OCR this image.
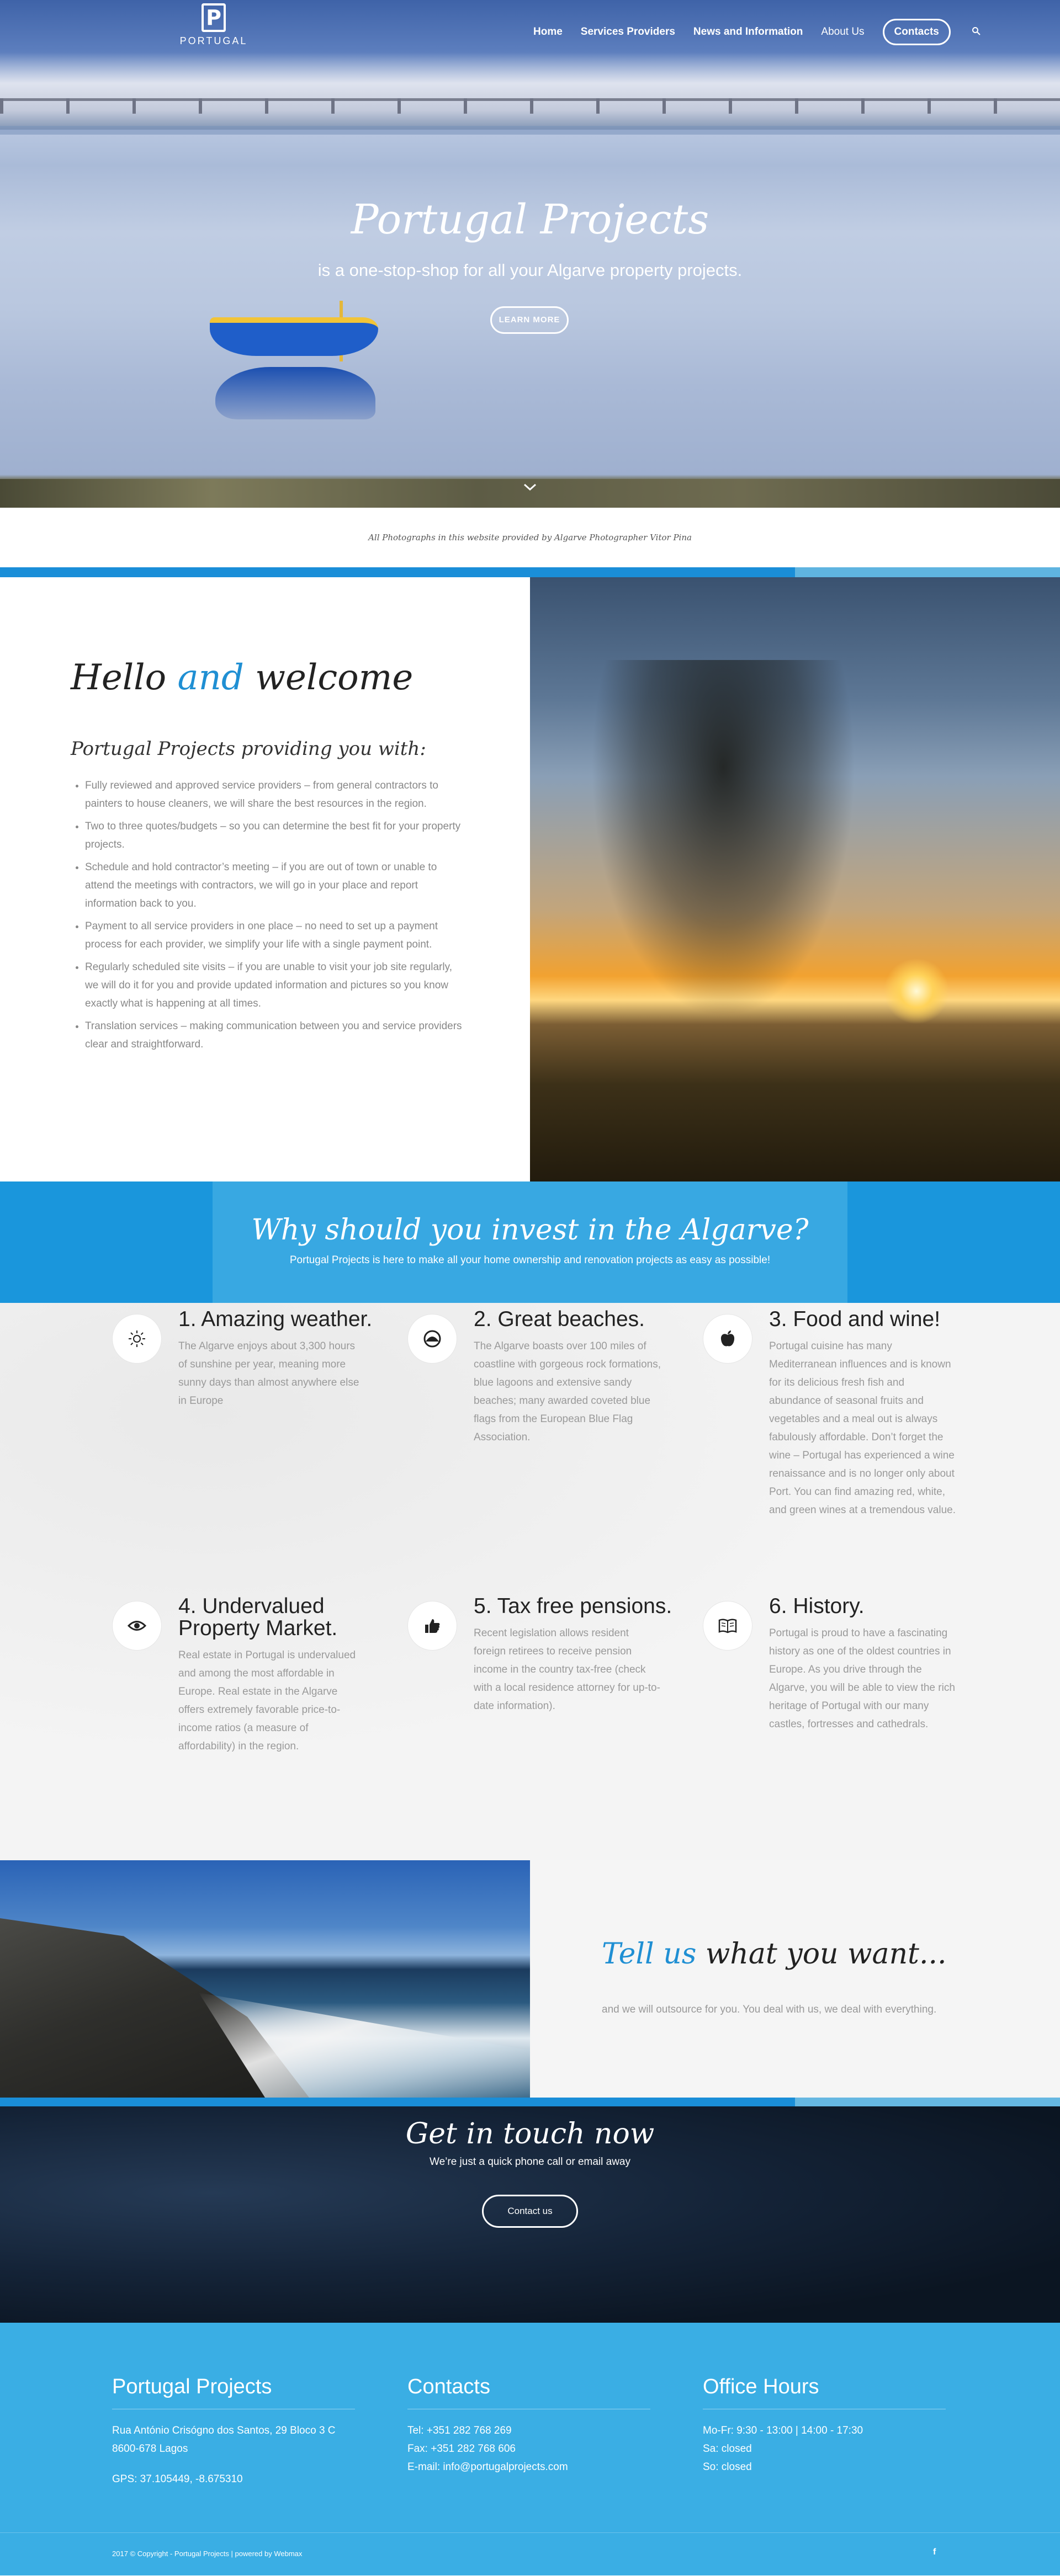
P
PORTUGAL
Home Services Providers News and Information About Us	Contacts
Portugal Projects
is a one-stop-shop for all your Algarve property projects.
LEARN MORE
All Photographs in this website provided by Algarve Photographer Vitor Pina
Hello and welcome
Portugal Projects providing you with:
• Fully reviewed and approved service providers – from general contractors to painters to house cleaners, we will share the best resources in the region.
• Two to three quotes/budgets – so you can determine the best fit for your property projects.
• Schedule and hold contractor’s meeting – if you are out of town or unable to attend the meetings with contractors, we will go in your place and report information back to you.
• Payment to all service providers in one place – no need to set up a payment process for each provider, we simplify your life with a single payment point.
• Regularly scheduled site visits – if you are unable to visit your job site regularly, we will do it for you and provide updated information and pictures so you know exactly what is happening at all times.
• Translation services – making communication between you and service providers clear and straightforward.
Why should you invest in the Algarve?

Portugal Projects is here to make all your home ownership and renovation projects as easy as possible!

1. Amazing weather.

The Algarve enjoys about 3,300 hours of sunshine per year, meaning more sunny days than almost anywhere else in Europe

2. Great beaches.

The Algarve boasts over 100 miles of coastline with gorgeous rock formations, blue lagoons and extensive sandy beaches; many awarded coveted blue flags from the European Blue Flag Association.

3. Food and wine!

Portugal cuisine has many Mediterranean influences and is known for its delicious fresh fish and abundance of seasonal fruits and vegetables and a meal out is always fabulously affordable. Don’t forget the wine – Portugal has experienced a wine renaissance and is no longer only about Port. You can find amazing red, white, and green wines at a tremendous value.

4. Undervalued Property Market.

Real estate in Portugal is undervalued and among the most affordable in Europe. Real estate in the Algarve offers extremely favorable price-to-income ratios (a measure of affordability) in the region.

5. Tax free pensions.

Recent legislation allows resident foreign retirees to receive pension income in the country tax-free (check with a local residence attorney for up-to-date information).

6. History.

Portugal is proud to have a fascinating history as one of the oldest countries in Europe. As you drive through the Algarve, you will be able to view the rich heritage of Portugal with our many castles, fortresses and cathedrals.

Tell us what you want...

and we will outsource for you. You deal with us, we deal with everything.

Get in touch now

We’re just a quick phone call or email away

Contact us
Portugal Projects
Rua António Crisógno dos Santos, 29 Bloco 3 C
8600-678 Lagos
GPS: 37.105449, -8.675310
Contacts
Tel: +351 282 768 269
Fax: +351 282 768 606
E-mail: info@portugalprojects.com
Office Hours
Mo-Fr: 9:30 - 13:00 | 14:00 - 17:30
Sa: closed
So: closed
2017 © Copyright - Portugal Projects | powered by Webmax	f
